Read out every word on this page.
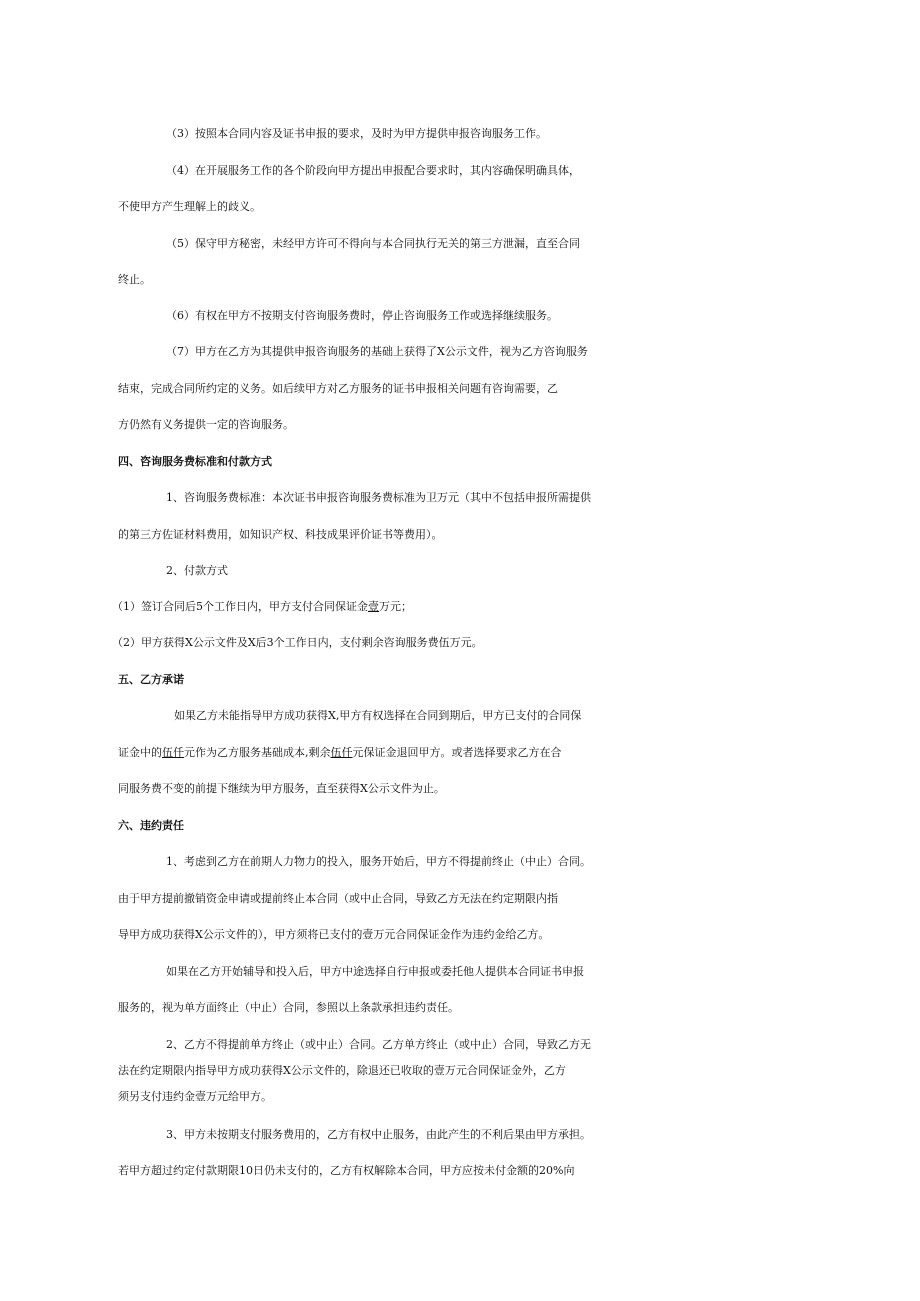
（3）按照本合同内容及证书申报的要求，及时为甲方提供申报咨询服务工作。
（4）在开展服务工作的各个阶段向甲方提出申报配合要求时，其内容确保明确具体，
不使甲方产生理解上的歧义。
（5）保守甲方秘密，未经甲方许可不得向与本合同执行无关的第三方泄漏，直至合同
终止。
（6）有权在甲方不按期支付咨询服务费时，停止咨询服务工作或选择继续服务。
（7）甲方在乙方为其提供申报咨询服务的基础上获得了X公示文件，视为乙方咨询服务
结束，完成合同所约定的义务。如后续甲方对乙方服务的证书申报相关问题有咨询需要，乙
方仍然有义务提供一定的咨询服务。
四、咨询服务费标准和付款方式
1、咨询服务费标准：本次证书申报咨询服务费标准为卫万元（其中不包括申报所需提供
的第三方佐证材料费用，如知识产权、科技成果评价证书等费用）。
2、付款方式
（1）签订合同后5个工作日内，甲方支付合同保证金壹万元；
（2）甲方获得X公示文件及X后3个工作日内，支付剩余咨询服务费伍万元。
五、乙方承诺
如果乙方未能指导甲方成功获得X,甲方有权选择在合同到期后，甲方已支付的合同保
证金中的伍仟元作为乙方服务基础成本,剩余伍仟元保证金退回甲方。或者选择要求乙方在合
同服务费不变的前提下继续为甲方服务，直至获得X公示文件为止。
六、违约责任
1、考虑到乙方在前期人力物力的投入，服务开始后，甲方不得提前终止（中止）合同。
由于甲方提前撤销资金申请或提前终止本合同（或中止合同，导致乙方无法在约定期限内指
导甲方成功获得X公示文件的），甲方须将已支付的壹万元合同保证金作为违约金给乙方。
如果在乙方开始辅导和投入后，甲方中途选择自行申报或委托他人提供本合同证书申报
服务的，视为单方面终止（中止）合同，参照以上条款承担违约责任。
2、乙方不得提前单方终止（或中止）合同。乙方单方终止（或中止）合同，导致乙方无
法在约定期限内指导甲方成功获得X公示文件的，除退还已收取的壹万元合同保证金外，乙方
须另支付违约金壹万元给甲方。
3、甲方未按期支付服务费用的，乙方有权中止服务，由此产生的不利后果由甲方承担。
若甲方超过约定付款期限10日仍未支付的，乙方有权解除本合同，甲方应按未付金额的20%向
